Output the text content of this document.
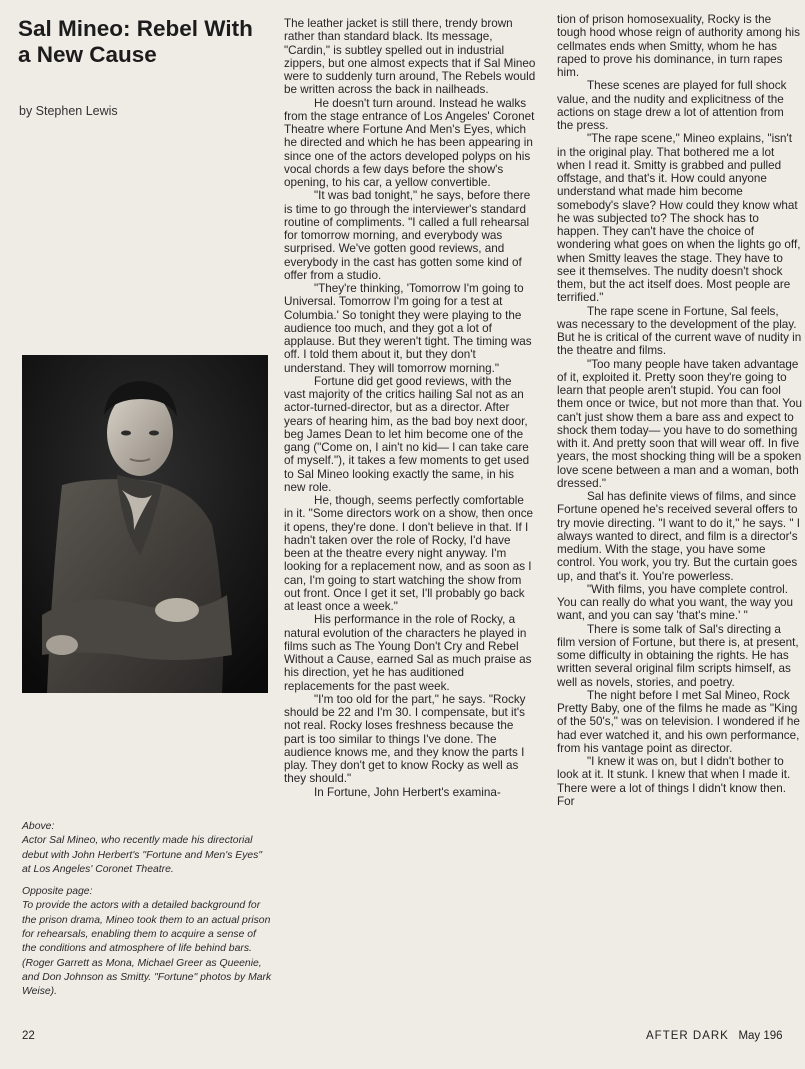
Sal Mineo: Rebel With a New Cause
by Stephen Lewis

Above:
Actor Sal Mineo, who recently made his directorial debut with John Herbert's "Fortune and Men's Eyes" at Los Angeles' Coronet Theatre.

Opposite page:
To provide the actors with a detailed background for the prison drama, Mineo took them to an actual prison for rehearsals, enabling them to acquire a sense of the conditions and atmosphere of life behind bars. (Roger Garrett as Mona, Michael Greer as Queenie, and Don Johnson as Smitty. "Fortune" photos by Mark Weise).

The leather jacket is still there, trendy brown rather than standard black. Its message, "Cardin," is subtley spelled out in industrial zippers, but one almost expects that if Sal Mineo were to suddenly turn around, The Rebels would be written across the back in nailheads.

He doesn't turn around. Instead he walks from the stage entrance of Los Angeles' Coronet Theatre where Fortune And Men's Eyes, which he directed and which he has been appearing in since one of the actors developed polyps on his vocal chords a few days before the show's opening, to his car, a yellow convertible.

"It was bad tonight," he says, before there is time to go through the interviewer's standard routine of compliments. "I called a full rehearsal for tomorrow morning, and everybody was surprised. We've gotten good reviews, and everybody in the cast has gotten some kind of offer from a studio.

"They're thinking, 'Tomorrow I'm going to Universal. Tomorrow I'm going for a test at Columbia.' So tonight they were playing to the audience too much, and they got a lot of applause. But they weren't tight. The timing was off. I told them about it, but they don't understand. They will tomorrow morning."

Fortune did get good reviews, with the vast majority of the critics hailing Sal not as an actor-turned-director, but as a director. After years of hearing him, as the bad boy next door, beg James Dean to let him become one of the gang ("Come on, I ain't no kid— I can take care of myself."), it takes a few moments to get used to Sal Mineo looking exactly the same, in his new role.

He, though, seems perfectly comfortable in it. "Some directors work on a show, then once it opens, they're done. I don't believe in that. If I hadn't taken over the role of Rocky, I'd have been at the theatre every night anyway. I'm looking for a replacement now, and as soon as I can, I'm going to start watching the show from out front. Once I get it set, I'll probably go back at least once a week."

His performance in the role of Rocky, a natural evolution of the characters he played in films such as The Young Don't Cry and Rebel Without a Cause, earned Sal as much praise as his direction, yet he has auditioned replacements for the past week.

"I'm too old for the part," he says. "Rocky should be 22 and I'm 30. I compensate, but it's not real. Rocky loses freshness because the part is too similar to things I've done. The audience knows me, and they know the parts I play. They don't get to know Rocky as well as they should."

In Fortune, John Herbert's examina-

tion of prison homosexuality, Rocky is the tough hood whose reign of authority among his cellmates ends when Smitty, whom he has raped to prove his dominance, in turn rapes him.

These scenes are played for full shock value, and the nudity and explicitness of the actions on stage drew a lot of attention from the press.

"The rape scene," Mineo explains, "isn't in the original play. That bothered me a lot when I read it. Smitty is grabbed and pulled offstage, and that's it. How could anyone understand what made him become somebody's slave? How could they know what he was subjected to? The shock has to happen. They can't have the choice of wondering what goes on when the lights go off, when Smitty leaves the stage. They have to see it themselves. The nudity doesn't shock them, but the act itself does. Most people are terrified."

The rape scene in Fortune, Sal feels, was necessary to the development of the play. But he is critical of the current wave of nudity in the theatre and films.

"Too many people have taken advantage of it, exploited it. Pretty soon they're going to learn that people aren't stupid. You can fool them once or twice, but not more than that. You can't just show them a bare ass and expect to shock them today— you have to do something with it. And pretty soon that will wear off. In five years, the most shocking thing will be a spoken love scene between a man and a woman, both dressed."

Sal has definite views of films, and since Fortune opened he's received several offers to try movie directing. "I want to do it," he says. " I always wanted to direct, and film is a director's medium. With the stage, you have some control. You work, you try. But the curtain goes up, and that's it. You're powerless.

"With films, you have complete control. You can really do what you want, the way you want, and you can say 'that's mine.' "

There is some talk of Sal's directing a film version of Fortune, but there is, at present, some difficulty in obtaining the rights. He has written several original film scripts himself, as well as novels, stories, and poetry.

The night before I met Sal Mineo, Rock Pretty Baby, one of the films he made as "King of the 50's," was on television. I wondered if he had ever watched it, and his own performance, from his vantage point as director.

"I knew it was on, but I didn't bother to look at it. It stunk. I knew that when I made it. There were a lot of things I didn't know then. For

22	AFTER DARK May 196
